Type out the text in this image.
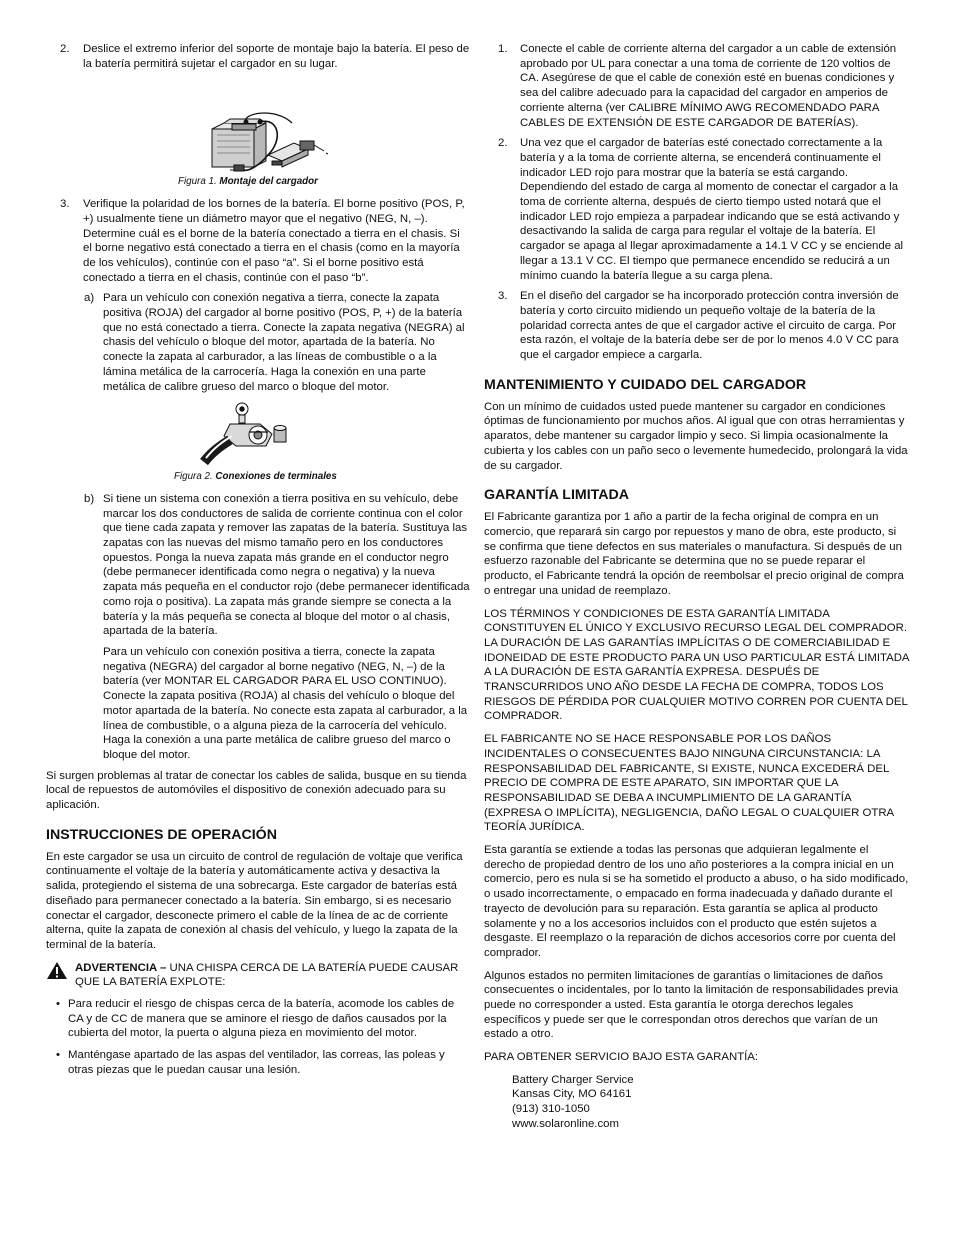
2. Deslice el extremo inferior del soporte de montaje bajo la batería. El peso de la batería permitirá sujetar el cargador en su lugar.

Figura 1. Montaje del cargador

3. Verifique la polaridad de los bornes de la batería. El borne positivo (POS, P, +) usualmente tiene un diámetro mayor que el negativo (NEG, N, –). Determine cuál es el borne de la batería conectado a tierra en el chasis. Si el borne negativo está conectado a tierra en el chasis (como en la mayoría de los vehículos), continúe con el paso “a”. Si el borne positivo está conectado a tierra en el chasis, continúe con el paso “b”.
a) Para un vehículo con conexión negativa a tierra, conecte la zapata positiva (ROJA) del cargador al borne positivo (POS, P, +) de la batería que no está conectado a tierra. Conecte la zapata negativa (NEGRA) al chasis del vehículo o bloque del motor, apartada de la batería. No conecte la zapata al carburador, a las líneas de combustible o a la lámina metálica de la carrocería. Haga la conexión en una parte metálica de calibre grueso del marco o bloque del motor.

Figura 2. Conexiones de terminales

b) Si tiene un sistema con conexión a tierra positiva en su vehículo, debe marcar los dos conductores de salida de corriente continua con el color que tiene cada zapata y remover las zapatas de la batería. Sustituya las zapatas con las nuevas del mismo tamaño pero en los conductores opuestos. Ponga la nueva zapata más grande en el conductor negro (debe permanecer identificada como negra o negativa) y la nueva zapata más pequeña en el conductor rojo (debe permanecer identificada como roja o positiva). La zapata más grande siempre se conecta a la batería y la más pequeña se conecta al bloque del motor o al chasis, apartada de la batería.
Para un vehículo con conexión positiva a tierra, conecte la zapata negativa (NEGRA) del cargador al borne negativo (NEG, N, –) de la batería (ver MONTAR EL CARGADOR PARA EL USO CONTINUO). Conecte la zapata positiva (ROJA) al chasis del vehículo o bloque del motor apartada de la batería. No conecte esta zapata al carburador, a la línea de combustible, o a alguna pieza de la carrocería del vehículo. Haga la conexión a una parte metálica de calibre grueso del marco o bloque del motor.

Si surgen problemas al tratar de conectar los cables de salida, busque en su tienda local de repuestos de automóviles el dispositivo de conexión adecuado para su aplicación.

INSTRUCCIONES DE OPERACIÓN

En este cargador se usa un circuito de control de regulación de voltaje que verifica continuamente el voltaje de la batería y automáticamente activa y desactiva la salida, protegiendo el sistema de una sobrecarga. Este cargador de baterías está diseñado para permanecer conectado a la batería. Sin embargo, si es necesario conectar el cargador, desconecte primero el cable de la línea de ac de corriente alterna, quite la zapata de conexión al chasis del vehículo, y luego la zapata de la terminal de la batería.

ADVERTENCIA – UNA CHISPA CERCA DE LA BATERÍA PUEDE CAUSAR QUE LA BATERÍA EXPLOTE:
• Para reducir el riesgo de chispas cerca de la batería, acomode los cables de CA y de CC de manera que se aminore el riesgo de daños causados por la cubierta del motor, la puerta o alguna pieza en movimiento del motor.
• Manténgase apartado de las aspas del ventilador, las correas, las poleas y otras piezas que le puedan causar una lesión.
1. Conecte el cable de corriente alterna del cargador a un cable de extensión aprobado por UL para conectar a una toma de corriente de 120 voltios de CA. Asegúrese de que el cable de conexión esté en buenas condiciones y sea del calibre adecuado para la capacidad del cargador en amperios de corriente alterna (ver CALIBRE MÍNIMO AWG RECOMENDADO PARA CABLES DE EXTENSIÓN DE ESTE CARGADOR DE BATERÍAS).
2. Una vez que el cargador de baterías esté conectado correctamente a la batería y a la toma de corriente alterna, se encenderá continuamente el indicador LED rojo para mostrar que la batería se está cargando. Dependiendo del estado de carga al momento de conectar el cargador a la toma de corriente alterna, después de cierto tiempo usted notará que el indicador LED rojo empieza a parpadear indicando que se está activando y desactivando la salida de carga para regular el voltaje de la batería. El cargador se apaga al llegar aproximadamente a 14.1 V CC y se enciende al llegar a 13.1 V CC. El tiempo que permanece encendido se reducirá a un mínimo cuando la batería llegue a su carga plena.
3. En el diseño del cargador se ha incorporado protección contra inversión de batería y corto circuito midiendo un pequeño voltaje de la batería de la polaridad correcta antes de que el cargador active el circuito de carga. Por esta razón, el voltaje de la batería debe ser de por lo menos 4.0 V CC para que el cargador empiece a cargarla.
MANTENIMIENTO Y CUIDADO DEL CARGADOR

Con un mínimo de cuidados usted puede mantener su cargador en condiciones óptimas de funcionamiento por muchos años. Al igual que con otras herramientas y aparatos, debe mantener su cargador limpio y seco. Si limpia ocasionalmente la cubierta y los cables con un paño seco o levemente humedecido, prolongará la vida de su cargador.

GARANTÍA LIMITADA

El Fabricante garantiza por 1 año a partir de la fecha original de compra en un comercio, que reparará sin cargo por repuestos y mano de obra, este producto, si se confirma que tiene defectos en sus materiales o manufactura. Si después de un esfuerzo razonable del Fabricante se determina que no se puede reparar el producto, el Fabricante tendrá la opción de reembolsar el precio original de compra o entregar una unidad de reemplazo.

LOS TÉRMINOS Y CONDICIONES DE ESTA GARANTÍA LIMITADA CONSTITUYEN EL ÚNICO Y EXCLUSIVO RECURSO LEGAL DEL COMPRADOR. LA DURACIÓN DE LAS GARANTÍAS IMPLÍCITAS O DE COMERCIABILIDAD E IDONEIDAD DE ESTE PRODUCTO PARA UN USO PARTICULAR ESTÁ LIMITADA A LA DURACIÓN DE ESTA GARANTÍA EXPRESA. DESPUÉS DE TRANSCURRIDOS UNO AÑO DESDE LA FECHA DE COMPRA, TODOS LOS RIESGOS DE PÉRDIDA POR CUALQUIER MOTIVO CORREN POR CUENTA DEL COMPRADOR.

EL FABRICANTE NO SE HACE RESPONSABLE POR LOS DAÑOS INCIDENTALES O CONSECUENTES BAJO NINGUNA CIRCUNSTANCIA: LA RESPONSABILIDAD DEL FABRICANTE, SI EXISTE, NUNCA EXCEDERÁ DEL PRECIO DE COMPRA DE ESTE APARATO, SIN IMPORTAR QUE LA RESPONSABILIDAD SE DEBA A INCUMPLIMIENTO DE LA GARANTÍA (EXPRESA O IMPLÍCITA), NEGLIGENCIA, DAÑO LEGAL O CUALQUIER OTRA TEORÍA JURÍDICA.

Esta garantía se extiende a todas las personas que adquieran legalmente el derecho de propiedad dentro de los uno año posteriores a la compra inicial en un comercio, pero es nula si se ha sometido el producto a abuso, o ha sido modificado, o usado incorrectamente, o empacado en forma inadecuada y dañado durante el trayecto de devolución para su reparación. Esta garantía se aplica al producto solamente y no a los accesorios incluidos con el producto que estén sujetos a desgaste. El reemplazo o la reparación de dichos accesorios corre por cuenta del comprador.

Algunos estados no permiten limitaciones de garantías o limitaciones de daños consecuentes o incidentales, por lo tanto la limitación de responsabilidades previa puede no corresponder a usted. Esta garantía le otorga derechos legales específicos y puede ser que le correspondan otros derechos que varían de un estado a otro.

PARA OBTENER SERVICIO BAJO ESTA GARANTÍA:

Battery Charger Service
Kansas City, MO 64161
(913) 310-1050
www.solaronline.com
